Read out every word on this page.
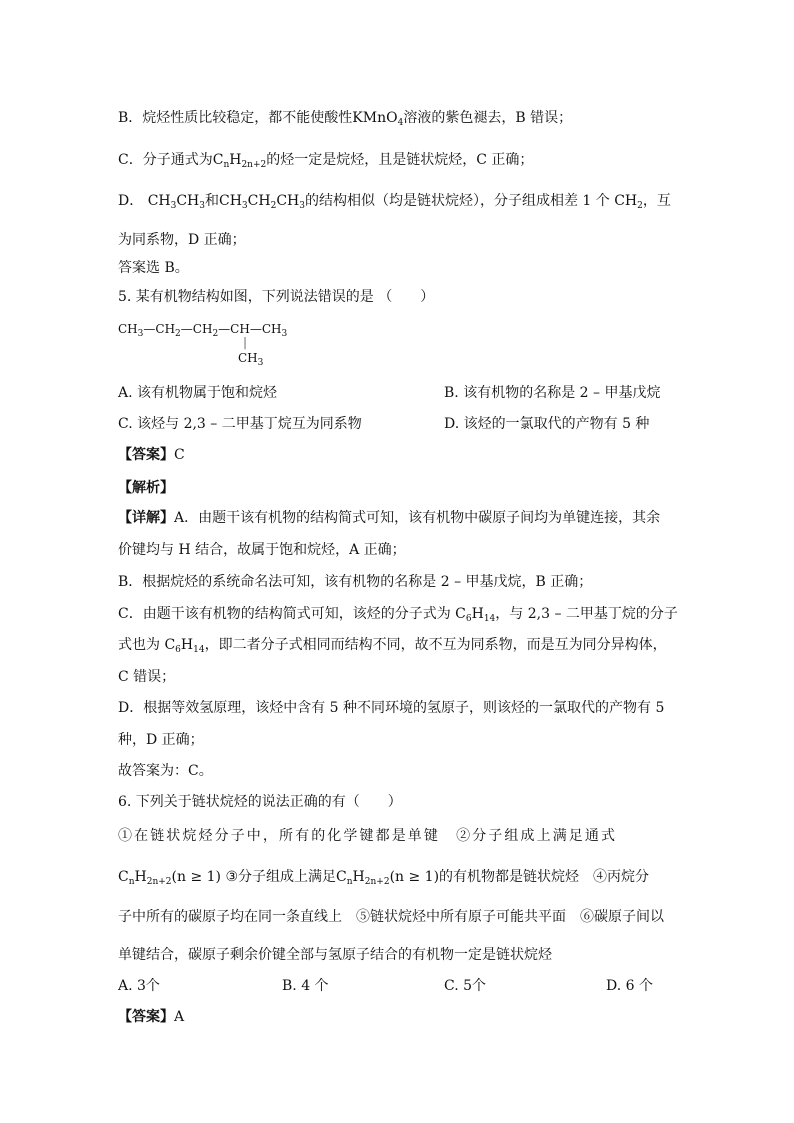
B．烷烃性质比较稳定，都不能使酸性KMnO$_4$溶液的紫色褪去，B 错误；
C．分子通式为$C_nH_{2n+2}$的烃一定是烷烃，且是链状烷烃，C 正确；
D． $CH_3CH_3$和$CH_3CH_2CH_3$的结构相似（均是链状烷烃），分子组成相差 1 个 $CH_2$，互
为同系物，D 正确；
答案选 B。
5. 某有机物结构如图，下列说法错误的是 （　　）
$CH_3—CH_2—CH_2—CH—CH_3$
|
$CH_3$
A. 该有机物属于饱和烷烃	B. 该有机物的名称是 2 – 甲基戊烷
C. 该烃与 2,3 – 二甲基丁烷互为同系物	D. 该烃的一氯取代的产物有 5 种
【答案】C
【解析】
【详解】A．由题干该有机物的结构简式可知，该有机物中碳原子间均为单键连接，其余
价键均与 H 结合，故属于饱和烷烃，A 正确；
B．根据烷烃的系统命名法可知，该有机物的名称是 2 – 甲基戊烷，B 正确；
C．由题干该有机物的结构简式可知，该烃的分子式为 $C_6H_{14}$，与 2,3 – 二甲基丁烷的分子
式也为 $C_6H_{14}$，即二者分子式相同而结构不同，故不互为同系物，而是互为同分异构体，
C 错误；
D．根据等效氢原理，该烃中含有 5 种不同环境的氢原子，则该烃的一氯取代的产物有 5
种，D 正确；
故答案为：C。
6. 下列关于链状烷烃的说法正确的有（　　）
①在链状烷烃分子中，所有的化学键都是单键　②分子组成上满足通式
$C_nH_{2n+2}(n \ge 1)$ ③分子组成上满足$C_nH_{2n+2}(n \ge 1)$的有机物都是链状烷烃　④丙烷分
子中所有的碳原子均在同一条直线上　⑤链状烷烃中所有原子可能共平面　⑥碳原子间以
单键结合，碳原子剩余价键全部与氢原子结合的有机物一定是链状烷烃
A. 3个	B. 4 个	C. 5个	D. 6 个
【答案】A
